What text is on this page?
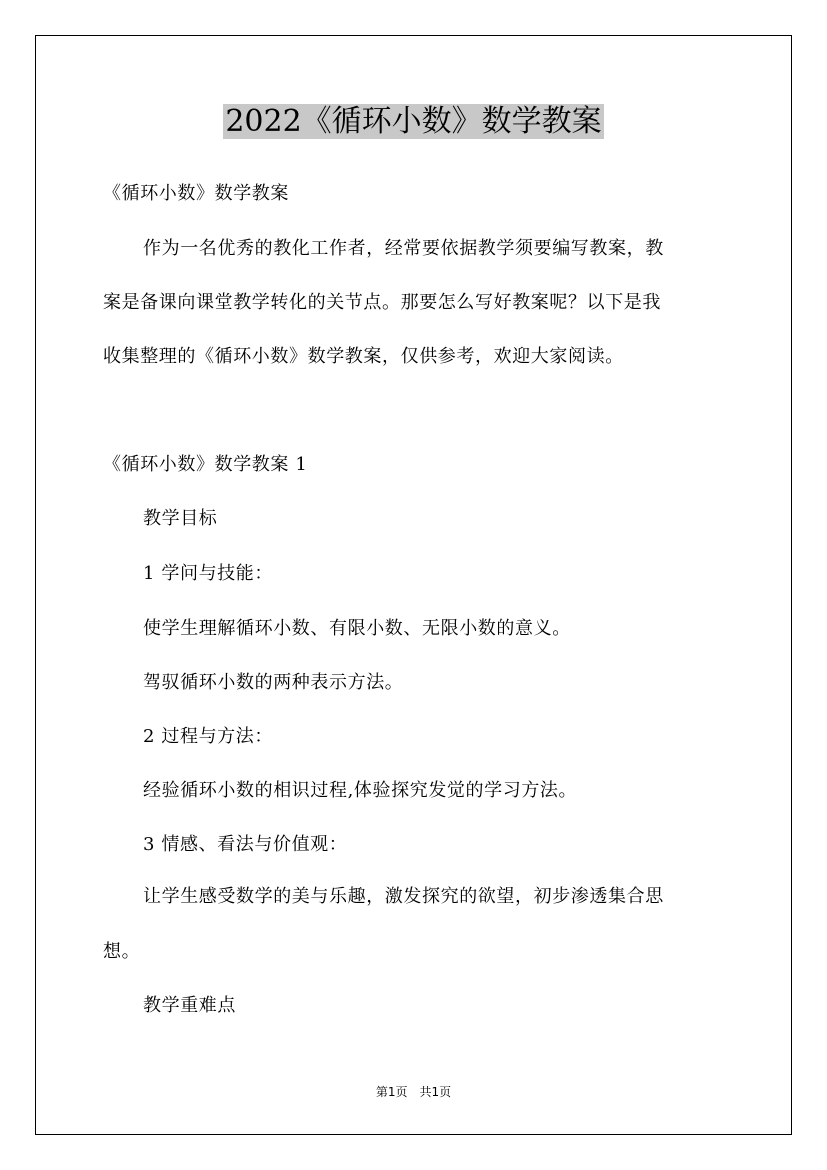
2022《循环小数》数学教案
《循环小数》数学教案
作为一名优秀的教化工作者，经常要依据教学须要编写教案，教
案是备课向课堂教学转化的关节点。那要怎么写好教案呢？以下是我
收集整理的《循环小数》数学教案，仅供参考，欢迎大家阅读。
《循环小数》数学教案 1
教学目标
1 学问与技能：
使学生理解循环小数、有限小数、无限小数的意义。
驾驭循环小数的两种表示方法。
2 过程与方法：
经验循环小数的相识过程,体验探究发觉的学习方法。
3 情感、看法与价值观：
让学生感受数学的美与乐趣，激发探究的欲望，初步渗透集合思
想。
教学重难点
第1页　共1页
